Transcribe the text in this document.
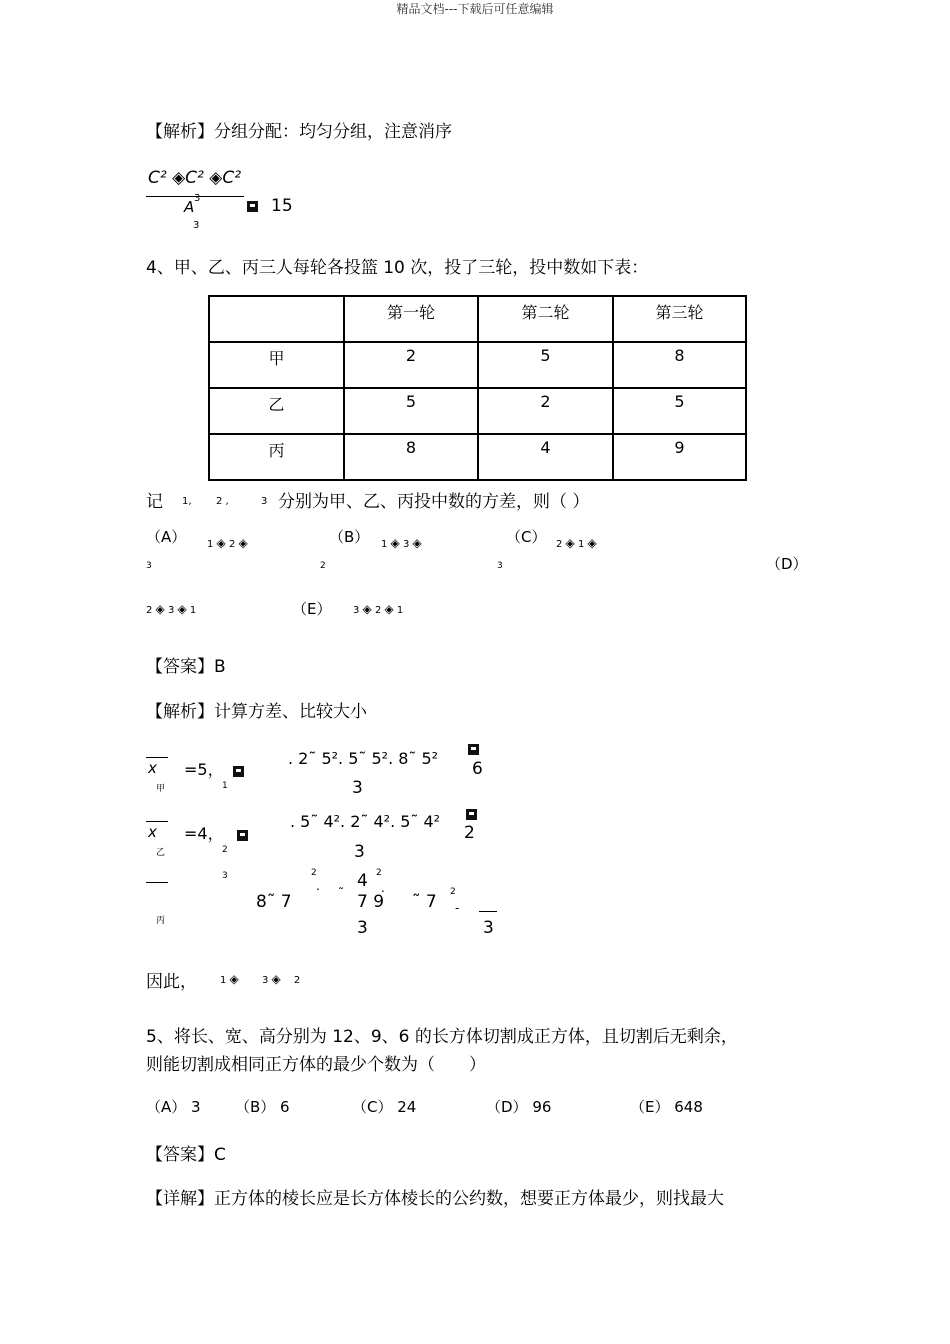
精品文档---下载后可任意编辑
【解析】分组分配：均匀分组，注意消序
C² ◈C² ◈C²
A 3
3
15
4、甲、乙、丙三人每轮各投篮 10 次，投了三轮，投中数如下表：
	第一轮	第二轮	第三轮
甲	2	5	8
乙	5	2	5
丙	8	4	9
记 1, 2 ,	3 分别为甲、乙、丙投中数的方差，则（ ）
（A） 1 ◈ 2 ◈
3
（B） 1 ◈ 3 ◈
2
（C） 2 ◈ 1 ◈
3	（D）
2 ◈ 3 ◈ 1	（E） 3 ◈ 2 ◈ 1
【答案】B
【解析】计算方差、比较大小
x
甲
=5，
1
. 2˜ 5². 5˜ 5². 8˜ 5²
6
3
x
乙
=4，
2
. 5˜ 4². 2˜ 4². 5˜ 4²
2
3
丙
3	2
. 4 2
.
8˜ 7	˜ 7 9 ˜ 7 2
-
3	3
因此， 1 ◈ 　　3 ◈ 　2
5、将长、宽、高分别为 12、9、6 的长方体切割成正方体，且切割后无剩余，
则能切割成相同正方体的最少个数为（　　）
（A） 3 （B） 6	（C） 24	（D） 96	（E） 648
【答案】C
【详解】正方体的棱长应是长方体棱长的公约数，想要正方体最少，则找最大
